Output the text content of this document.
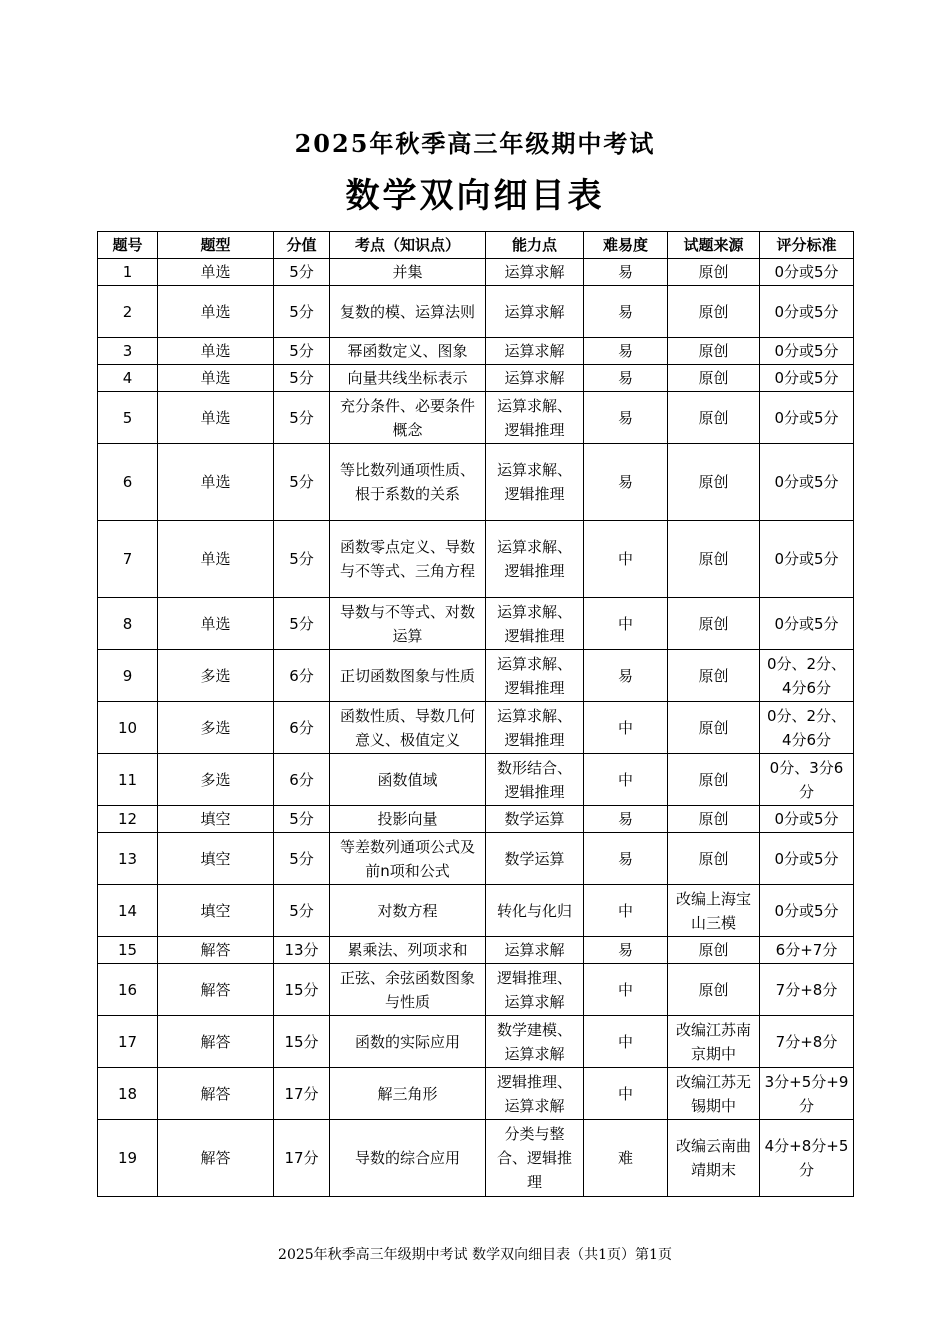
2025年秋季高三年级期中考试
数学双向细目表
题号	题型	分值	考点（知识点）	能力点	难易度	试题来源	评分标准
1	单选	5分	并集	运算求解	易	原创	0分或5分
2	单选	5分	复数的模、运算法则	运算求解	易	原创	0分或5分
3	单选	5分	幂函数定义、图象	运算求解	易	原创	0分或5分
4	单选	5分	向量共线坐标表示	运算求解	易	原创	0分或5分
5	单选	5分	充分条件、必要条件概念	运算求解、逻辑推理	易	原创	0分或5分
6	单选	5分	等比数列通项性质、根于系数的关系	运算求解、逻辑推理	易	原创	0分或5分
7	单选	5分	函数零点定义、导数与不等式、三角方程	运算求解、逻辑推理	中	原创	0分或5分
8	单选	5分	导数与不等式、对数运算	运算求解、逻辑推理	中	原创	0分或5分
9	多选	6分	正切函数图象与性质	运算求解、逻辑推理	易	原创	0分、2分、4分6分
10	多选	6分	函数性质、导数几何意义、极值定义	运算求解、逻辑推理	中	原创	0分、2分、4分6分
11	多选	6分	函数值域	数形结合、逻辑推理	中	原创	0分、3分6分
12	填空	5分	投影向量	数学运算	易	原创	0分或5分
13	填空	5分	等差数列通项公式及前n项和公式	数学运算	易	原创	0分或5分
14	填空	5分	对数方程	转化与化归	中	改编上海宝山三模	0分或5分
15	解答	13分	累乘法、列项求和	运算求解	易	原创	6分+7分
16	解答	15分	正弦、余弦函数图象与性质	逻辑推理、运算求解	中	原创	7分+8分
17	解答	15分	函数的实际应用	数学建模、运算求解	中	改编江苏南京期中	7分+8分
18	解答	17分	解三角形	逻辑推理、运算求解	中	改编江苏无锡期中	3分+5分+9分
19	解答	17分	导数的综合应用	分类与整合、逻辑推理	难	改编云南曲靖期末	4分+8分+5分
2025年秋季高三年级期中考试 数学双向细目表（共1页）第1页
